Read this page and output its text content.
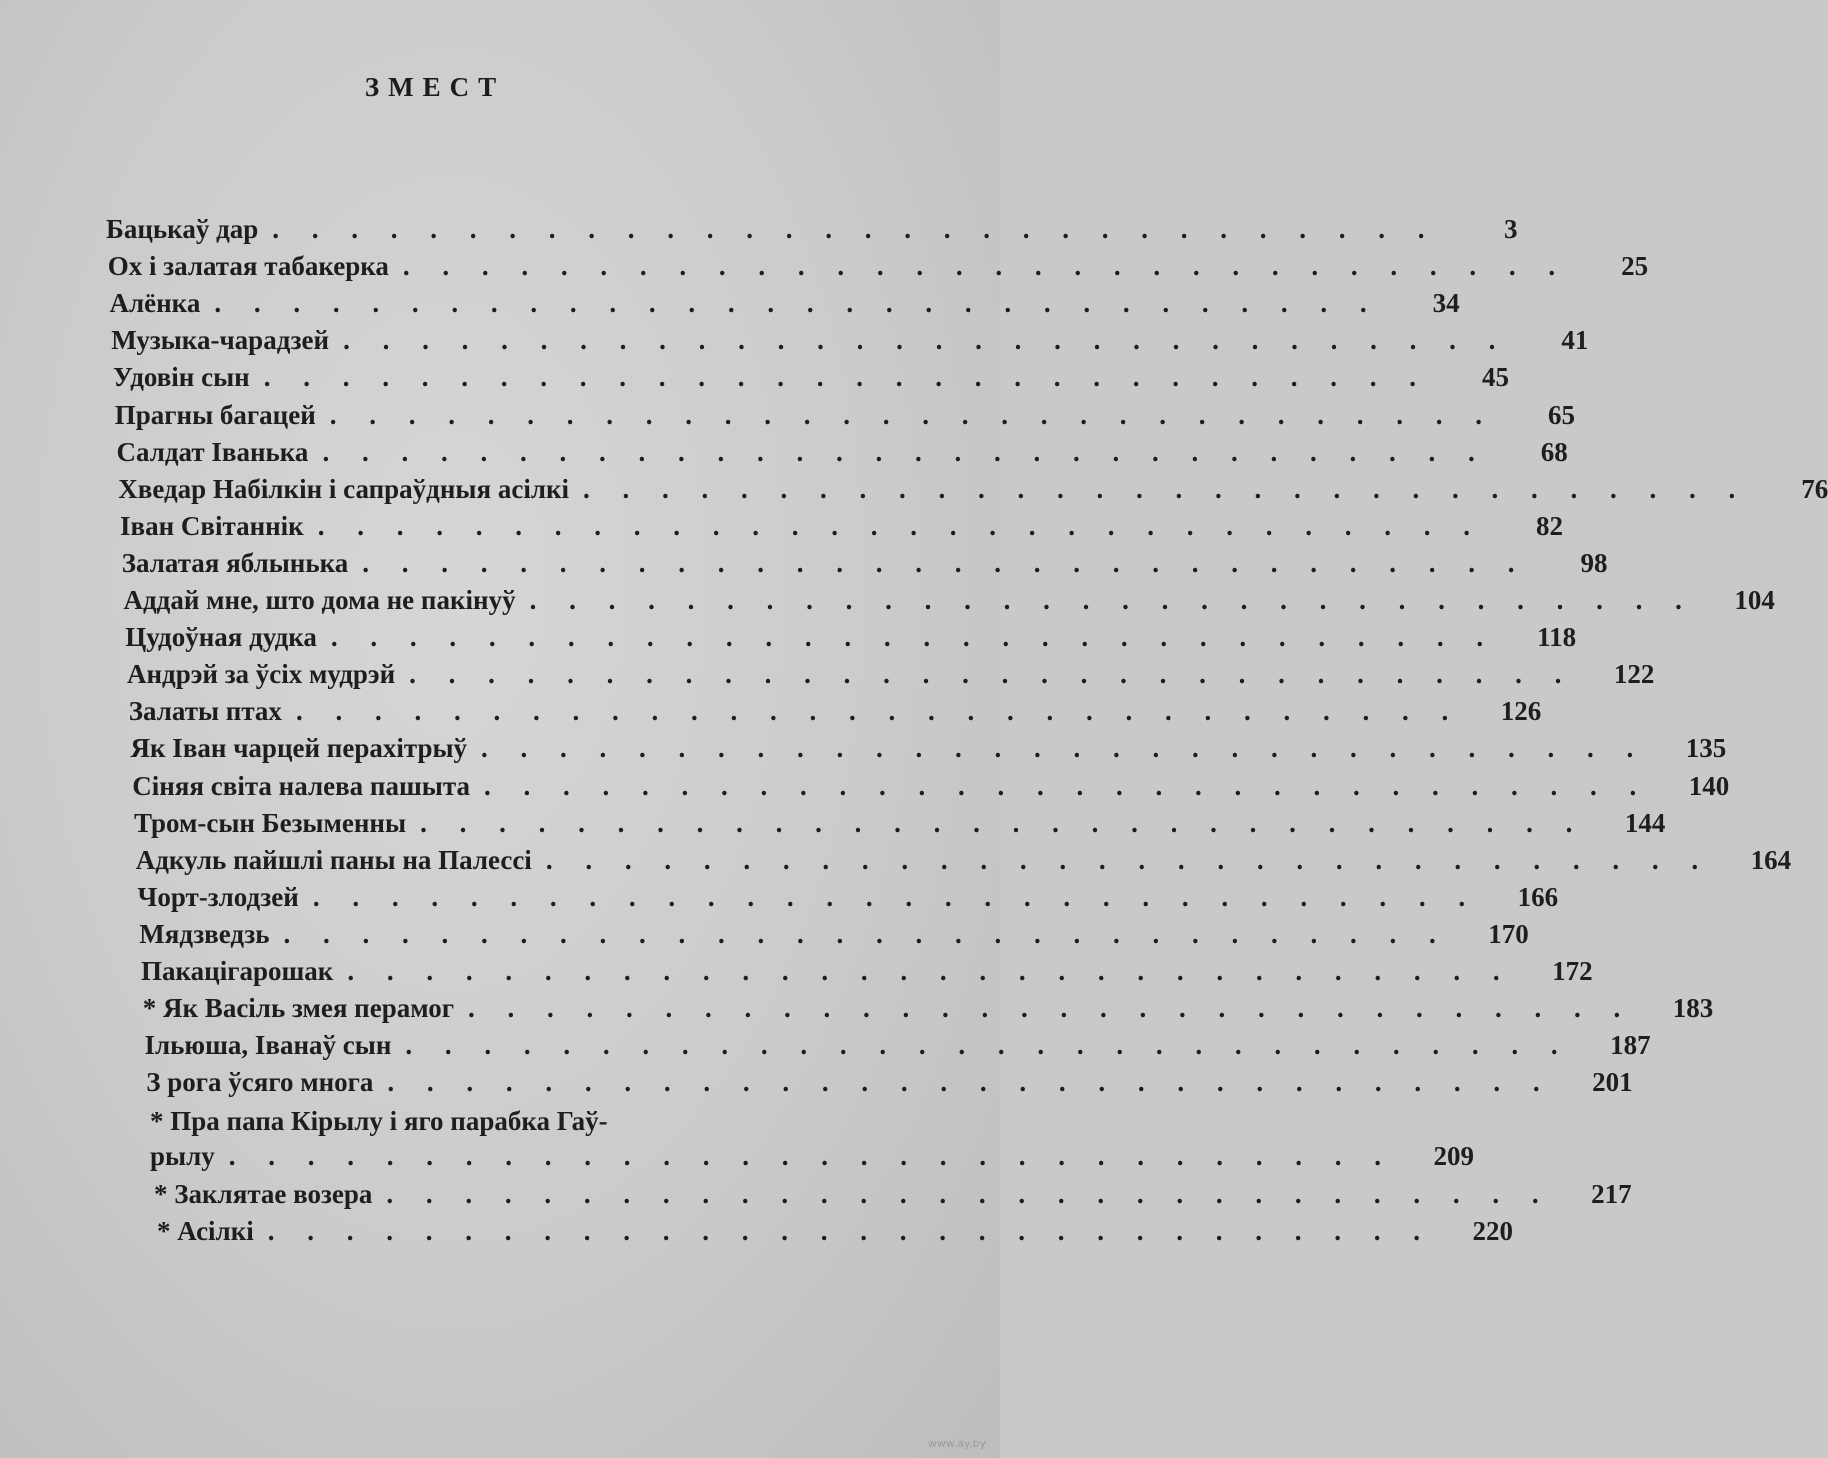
ЗМЕСТ
Бацькаў дар . . . . . . . . . . . . . . . . . . . . . . . . . . . . . .	3
Ох і залатая табакерка . . . . . . . . . . . . . . . . . . . . . . . . . . . . . .	25
Алёнка . . . . . . . . . . . . . . . . . . . . . . . . . . . . . .	34
Музыка-чарадзей . . . . . . . . . . . . . . . . . . . . . . . . . . . . . .	41
Удовін сын . . . . . . . . . . . . . . . . . . . . . . . . . . . . . .	45
Прагны багацей . . . . . . . . . . . . . . . . . . . . . . . . . . . . . .	65
Салдат Іванька . . . . . . . . . . . . . . . . . . . . . . . . . . . . . .	68
Хведар Набілкін і сапраўдныя асілкі . . . . . . . . . . . . . . . . . . . . . . . . . . . . . .	76
Іван Світаннік . . . . . . . . . . . . . . . . . . . . . . . . . . . . . .	82
Залатая яблынька . . . . . . . . . . . . . . . . . . . . . . . . . . . . . .	98
Аддай мне, што дома не пакінуў . . . . . . . . . . . . . . . . . . . . . . . . . . . . . .	104
Цудоўная дудка . . . . . . . . . . . . . . . . . . . . . . . . . . . . . .	118
Андрэй за ўсіх мудрэй . . . . . . . . . . . . . . . . . . . . . . . . . . . . . .	122
Залаты птах . . . . . . . . . . . . . . . . . . . . . . . . . . . . . .	126
Як Іван чарцей перахітрыў . . . . . . . . . . . . . . . . . . . . . . . . . . . . . .	135
Сіняя світа налева пашыта . . . . . . . . . . . . . . . . . . . . . . . . . . . . . .	140
Тром-сын Безыменны . . . . . . . . . . . . . . . . . . . . . . . . . . . . . .	144
Адкуль пайшлі паны на Палессі . . . . . . . . . . . . . . . . . . . . . . . . . . . . . .	164
Чорт-злодзей . . . . . . . . . . . . . . . . . . . . . . . . . . . . . .	166
Мядзведзь . . . . . . . . . . . . . . . . . . . . . . . . . . . . . .	170
Пакацігарошак . . . . . . . . . . . . . . . . . . . . . . . . . . . . . .	172
* Як Васіль змея перамог . . . . . . . . . . . . . . . . . . . . . . . . . . . . . .	183
Ільюша, Іванаў сын . . . . . . . . . . . . . . . . . . . . . . . . . . . . . .	187
З рога ўсяго многа . . . . . . . . . . . . . . . . . . . . . . . . . . . . . .	201
* Пра папа Кірылу і яго парабка Гаў-
рылу . . . . . . . . . . . . . . . . . . . . . . . . . . . . . .	209
* Заклятае возера . . . . . . . . . . . . . . . . . . . . . . . . . . . . . .	217
* Асілкі . . . . . . . . . . . . . . . . . . . . . . . . . . . . . .	220
www.ay.by
